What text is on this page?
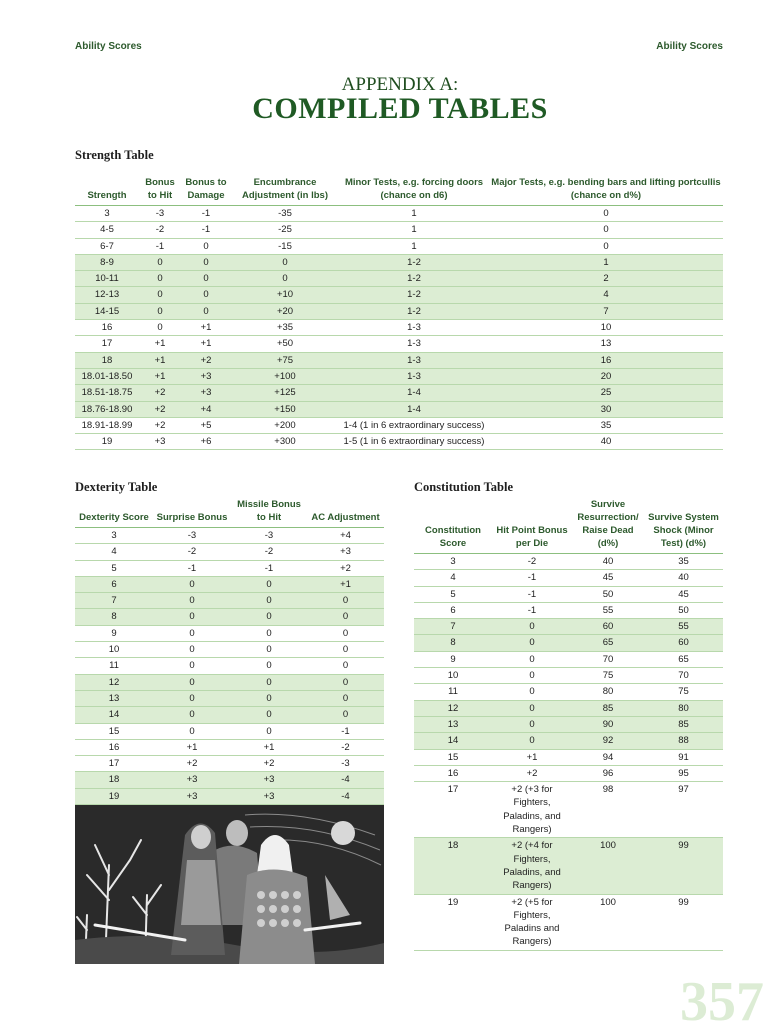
Ability Scores	Ability Scores
APPENDIX A:
COMPILED TABLES
Strength Table
Strength	Bonus to Hit	Bonus to Damage	Encumbrance Adjustment (in lbs)	Minor Tests, e.g. forcing doors (chance on d6)	Major Tests, e.g. bending bars and lifting portcullis (chance on d%)
3	-3	-1	-35	1	0
4-5	-2	-1	-25	1	0
6-7	-1	0	-15	1	0
8-9	0	0	0	1-2	1
10-11	0	0	0	1-2	2
12-13	0	0	+10	1-2	4
14-15	0	0	+20	1-2	7
16	0	+1	+35	1-3	10
17	+1	+1	+50	1-3	13
18	+1	+2	+75	1-3	16
18.01-18.50	+1	+3	+100	1-3	20
18.51-18.75	+2	+3	+125	1-4	25
18.76-18.90	+2	+4	+150	1-4	30
18.91-18.99	+2	+5	+200	1-4 (1 in 6 extraordinary success)	35
19	+3	+6	+300	1-5 (1 in 6 extraordinary success)	40
Dexterity Table
Dexterity Score	Surprise Bonus	Missile Bonus to Hit	AC Adjustment
3	-3	-3	+4
4	-2	-2	+3
5	-1	-1	+2
6	0	0	+1
7	0	0	0
8	0	0	0
9	0	0	0
10	0	0	0
11	0	0	0
12	0	0	0
13	0	0	0
14	0	0	0
15	0	0	-1
16	+1	+1	-2
17	+2	+2	-3
18	+3	+3	-4
19	+3	+3	-4
Constitution Table
Constitution Score	Hit Point Bonus per Die	Survive Resurrection/ Raise Dead (d%)	Survive System Shock (Minor Test) (d%)
3	-2	40	35
4	-1	45	40
5	-1	50	45
6	-1	55	50
7	0	60	55
8	0	65	60
9	0	70	65
10	0	75	70
11	0	80	75
12	0	85	80
13	0	90	85
14	0	92	88
15	+1	94	91
16	+2	96	95
17	+2 (+3 for Fighters, Paladins, and Rangers)	98	97
18	+2 (+4 for Fighters, Paladins, and Rangers)	100	99
19	+2 (+5 for Fighters, Paladins and Rangers)	100	99
357
